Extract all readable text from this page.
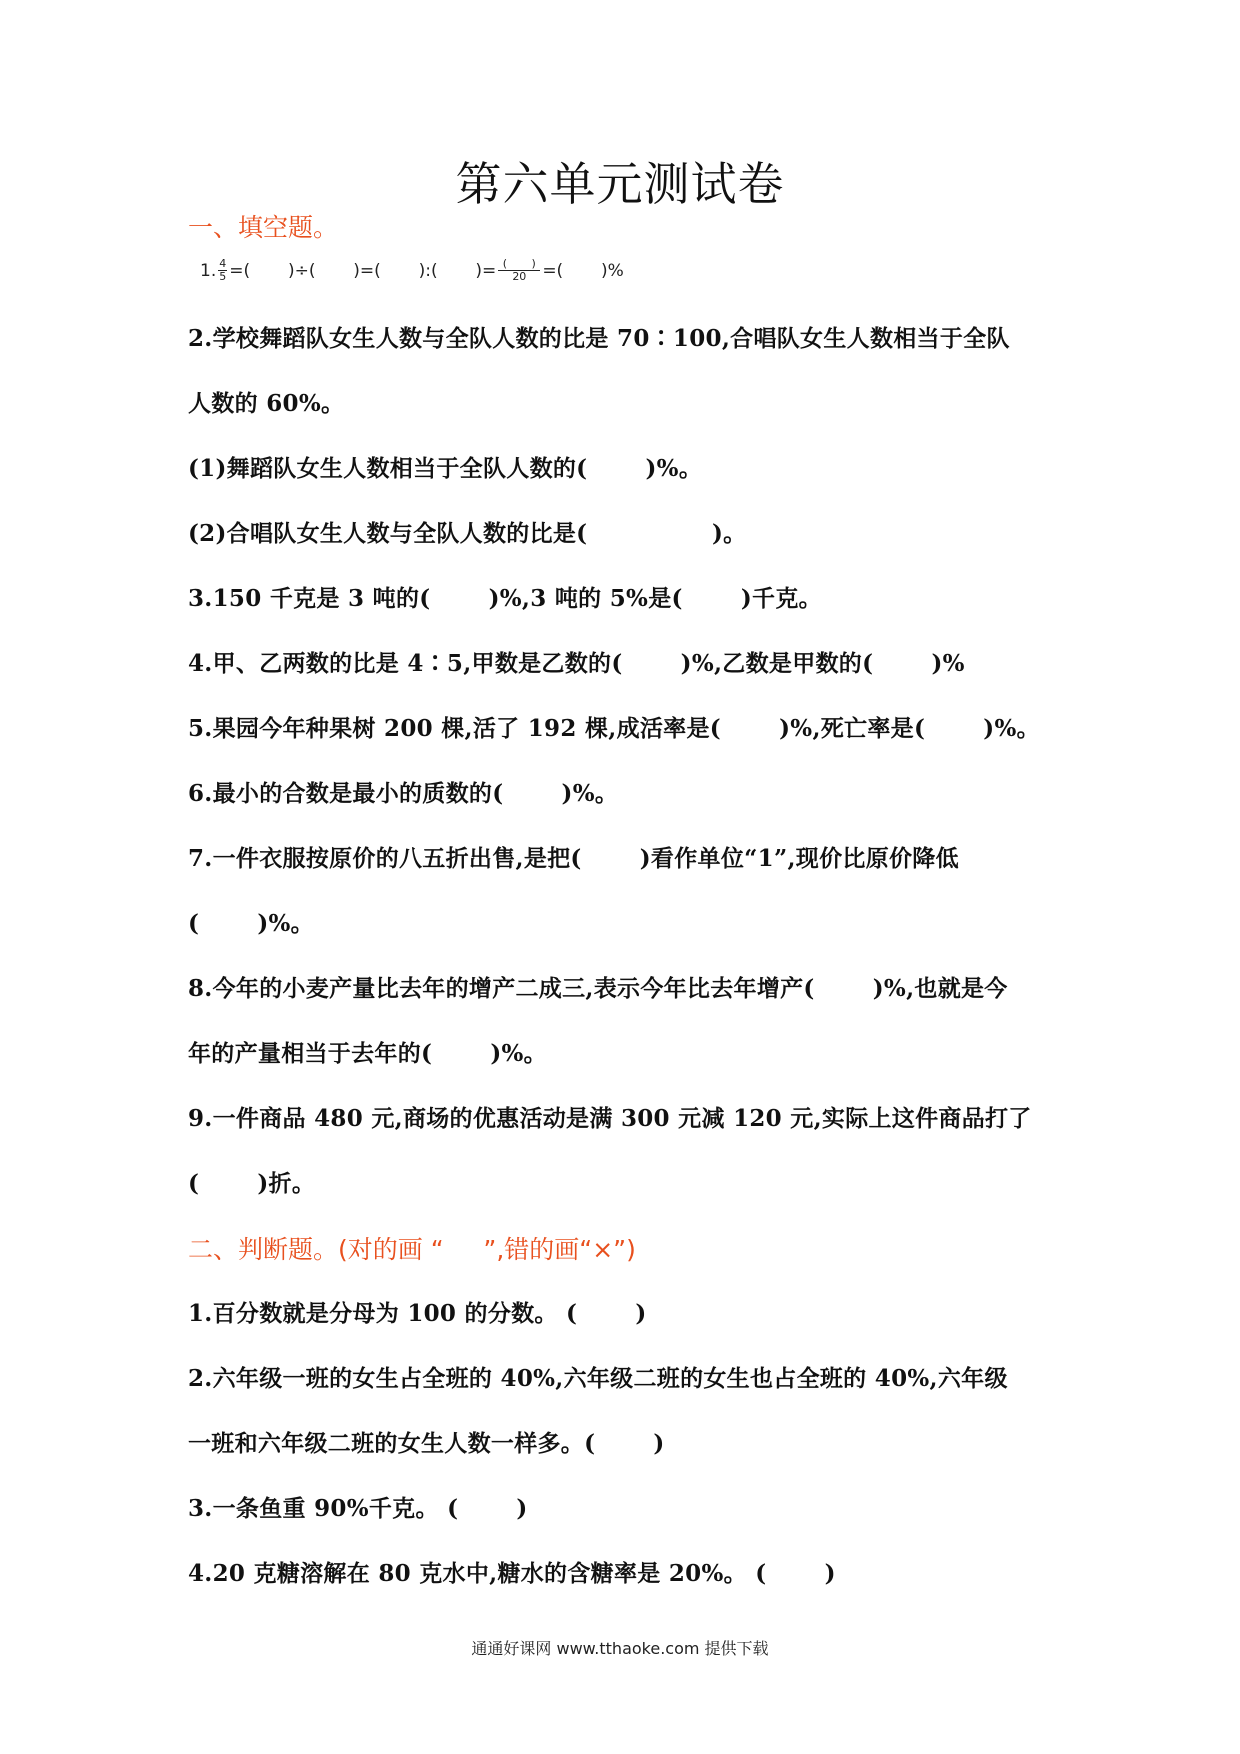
第六单元测试卷
一、填空题。
1. $\frac{4}{5}$ =(       )÷(       )=(       ):(       )= $\frac{( )}{20}$ =(       )%
2.学校舞蹈队女生人数与全队人数的比是 70∶100,合唱队女生人数相当于全队
人数的 60%。
(1)舞蹈队女生人数相当于全队人数的(       )%。
(2)合唱队女生人数与全队人数的比是(               )。
3.150 千克是 3 吨的(       )%,3 吨的 5%是(       )千克。
4.甲、乙两数的比是 4∶5,甲数是乙数的(       )%,乙数是甲数的(       )%
5.果园今年种果树 200 棵,活了 192 棵,成活率是(       )%,死亡率是(       )%。
6.最小的合数是最小的质数的(       )%。
7.一件衣服按原价的八五折出售,是把(       )看作单位“1”,现价比原价降低
(       )%。
8.今年的小麦产量比去年的增产二成三,表示今年比去年增产(       )%,也就是今
年的产量相当于去年的(       )%。
9.一件商品 480 元,商场的优惠活动是满 300 元减 120 元,实际上这件商品打了
(       )折。
二、判断题。(对的画 “     ”,错的画“×”)
1.百分数就是分母为 100 的分数。 (       )
2.六年级一班的女生占全班的 40%,六年级二班的女生也占全班的 40%,六年级
一班和六年级二班的女生人数一样多。(       )
3.一条鱼重 90%千克。 (       )
4.20 克糖溶解在 80 克水中,糖水的含糖率是 20%。 (       )
通通好课网 www.tthaoke.com 提供下载
